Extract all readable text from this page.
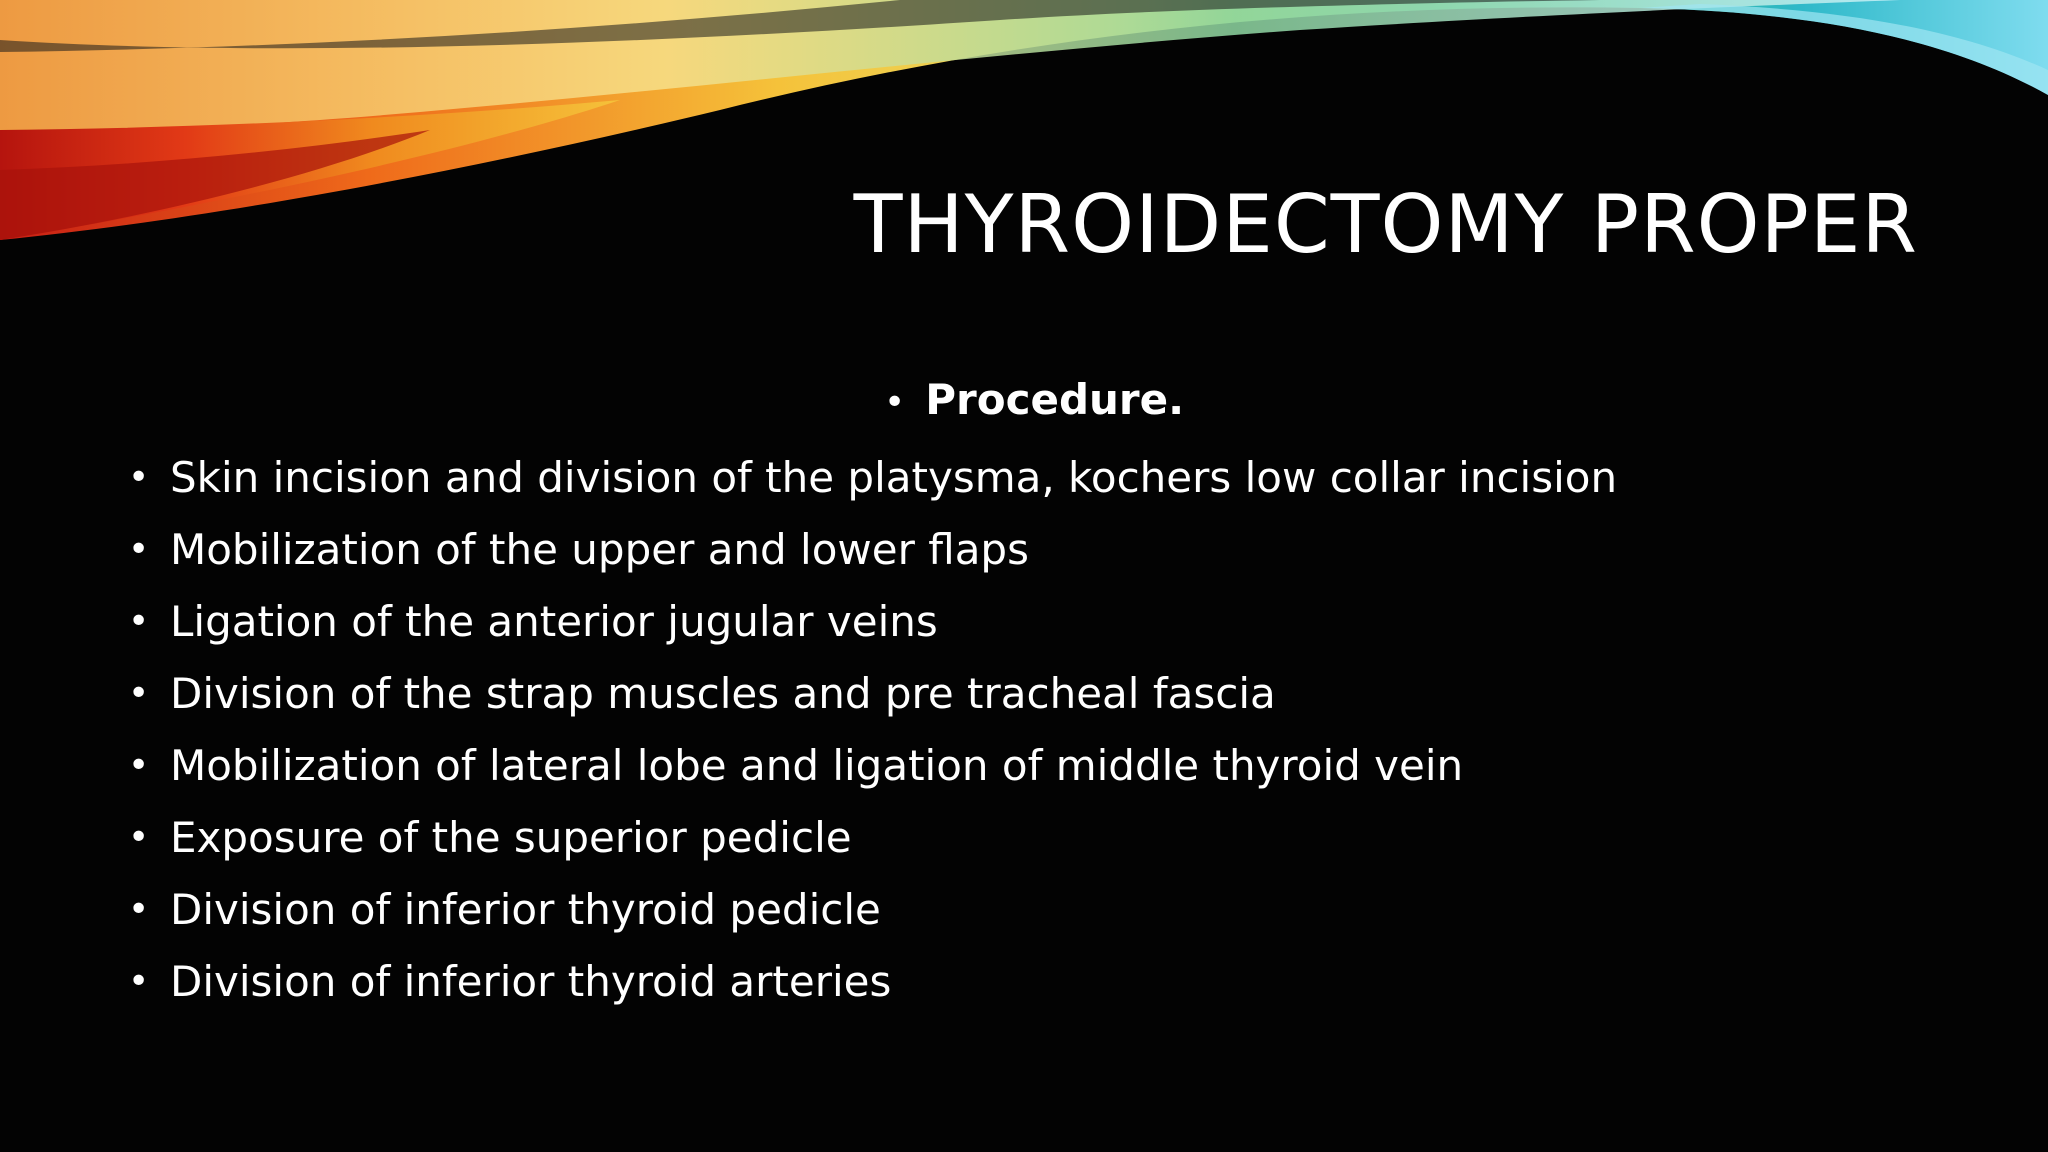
THYROIDECTOMY PROPER
• Procedure.
• Skin incision and division of the platysma, kochers low collar incision
• Mobilization of the upper and lower flaps
• Ligation of the anterior jugular veins
• Division of the strap muscles and pre tracheal fascia
• Mobilization of lateral lobe and ligation of middle thyroid vein
• Exposure of the superior pedicle
• Division of inferior thyroid pedicle
• Division of inferior thyroid arteries
